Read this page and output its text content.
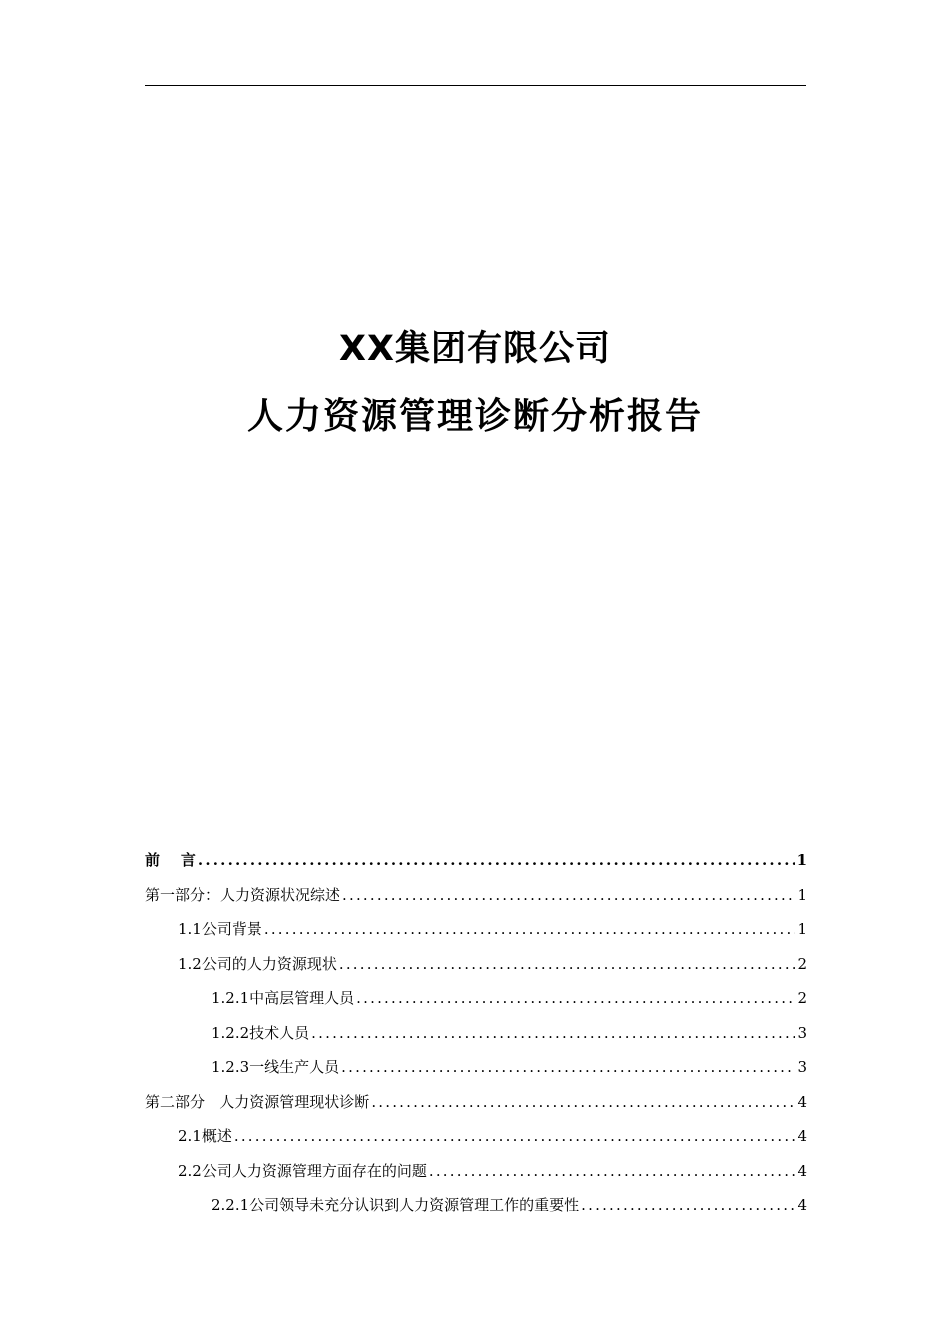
XX集团有限公司
人力资源管理诊断分析报告
前    言 .....	1
第一部分：人力资源状况综述 .....	1
1.1公司背景 .....	1
1.2公司的人力资源现状 .....	2
1.2.1中高层管理人员 .....	2
1.2.2技术人员 .....	3
1.2.3一线生产人员 .....	3
第二部分   人力资源管理现状诊断 .....	4
2.1概述 .....	4
2.2公司人力资源管理方面存在的问题 .....	4
2.2.1公司领导未充分认识到人力资源管理工作的重要性 .....	4
